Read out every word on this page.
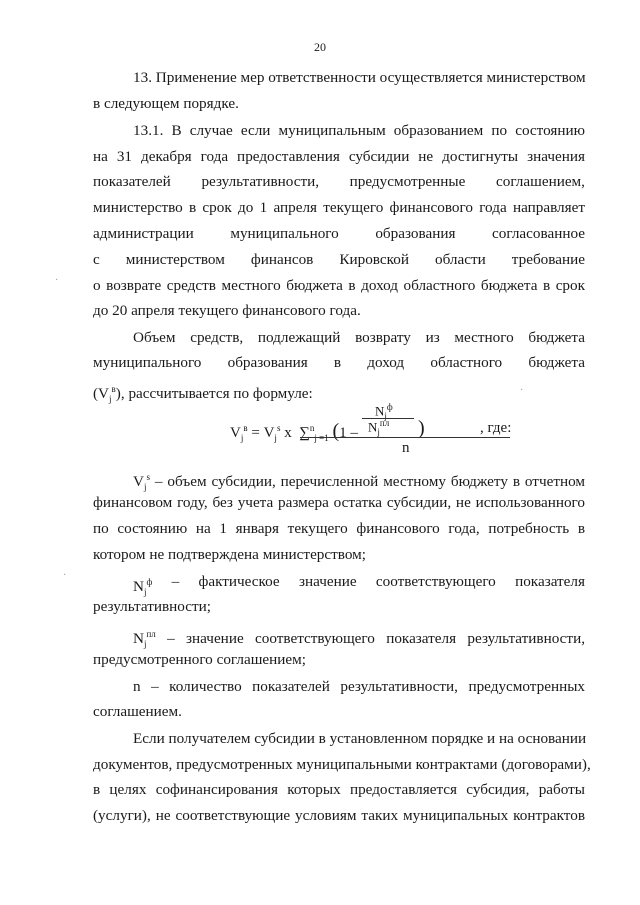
20
13. Применение мер ответственности осуществляется министерством
в следующем порядке.
13.1. В случае если муниципальным образованием по состоянию
на 31 декабря года предоставления субсидии не достигнуты значения
показателей результативности, предусмотренные соглашением,
министерство в срок до 1 апреля текущего финансового года направляет
администрации муниципального образования согласованное
с министерством финансов Кировской области требование
о возврате средств местного бюджета в доход областного бюджета в срок
до 20 апреля текущего финансового года.
Объем средств, подлежащий возврату из местного бюджета
муниципального образования в доход областного бюджета
$(V_j^в)$, рассчитывается по формуле:
$V_j^в = V_j^s$ x ∑$^n_{j =1}$ (1 –
$N_j^ф$
$N_j^{пл}$ )
n
, где:
$V_j^s$ – объем субсидии, перечисленной местному бюджету в отчетном
финансовом году, без учета размера остатка субсидии, не использованного
по состоянию на 1 января текущего финансового года, потребность в
котором не подтверждена министерством;
$N_j^ф$ – фактическое значение соответствующего показателя
результативности;
$N_j^{пл}$ – значение соответствующего показателя результативности,
предусмотренного соглашением;
n – количество показателей результативности, предусмотренных
соглашением.
Если получателем субсидии в установленном порядке и на основании
документов, предусмотренных муниципальными контрактами (договорами),
в целях софинансирования которых предоставляется субсидия, работы
(услуги), не соответствующие условиям таких муниципальных контрактов
·
·
·
